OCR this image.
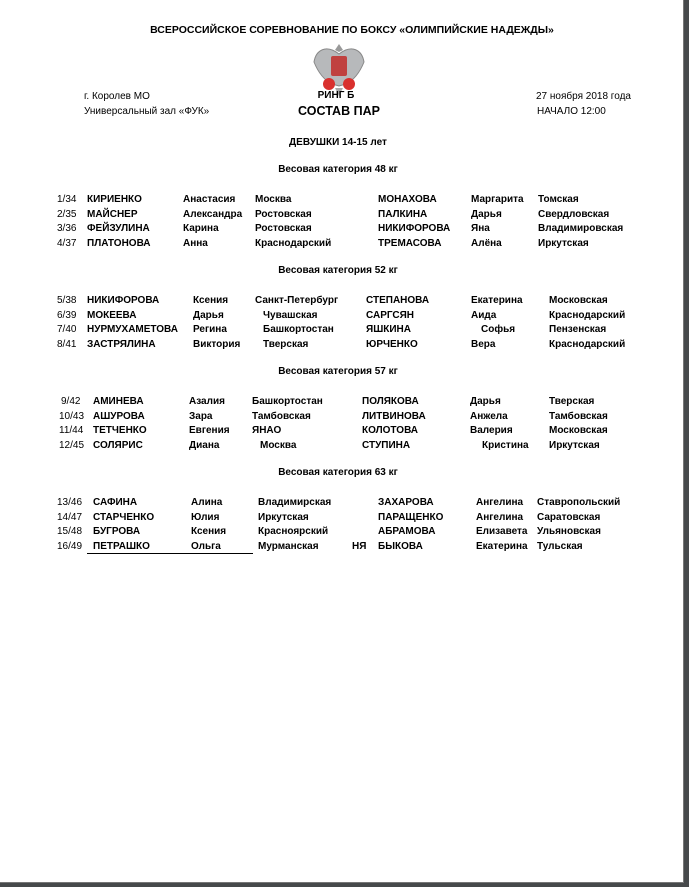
ВСЕРОССИЙСКОЕ СОРЕВНОВАНИЕ ПО БОКСУ «ОЛИМПИЙСКИЕ НАДЕЖДЫ»
г. Королев МО
Универсальный зал «ФУК»
РИНГ Б
СОСТАВ ПАР
27 ноября 2018 года
НАЧАЛО 12:00
ДЕВУШКИ 14-15 лет
Весовая категория 48 кг
1/34 КИРИЕНКО	Анастасия Москва	МОНАХОВА	Маргарита Томская
2/35 МАЙСНЕР	Александра Ростовская	ПАЛКИНА	Дарья	Свердловская
3/36 ФЕЙЗУЛИНА	Карина	Ростовская	НИКИФОРОВА Яна	Владимировская
4/37 ПЛАТОНОВА	Анна	Краснодарский	ТРЕМАСОВА	Алёна	Иркутская
Весовая категория 52 кг
5/38 НИКИФОРОВА	Ксения	Санкт-Петербург	СТЕПАНОВА	Екатерина	Московская
6/39 МОКЕЕВА	Дарья	Чувашская	САРГСЯН	Аида	Краснодарский
7/40 НУРМУХАМЕТОВА Регина	Башкортостан	ЯШКИНА	Софья	Пензенская
8/41 ЗАСТРЯЛИНА	Виктория Тверская	ЮРЧЕНКО	Вера	Краснодарский
Весовая категория 57 кг
9/42 АМИНЕВА	Азалия	Башкортостан	ПОЛЯКОВА	Дарья	Тверская
10/43 АШУРОВА	Зара	Тамбовская	ЛИТВИНОВА	Анжела	Тамбовская
11/44 ТЕТЧЕНКО	Евгения ЯНАО	КОЛОТОВА	Валерия	Московская
12/45 СОЛЯРИС	Диана	Москва	СТУПИНА	Кристина Иркутская
Весовая категория 63 кг
13/46 САФИНА	Алина	Владимирская	ЗАХАРОВА	Ангелина Ставропольский
14/47 СТАРЧЕНКО	Юлия	Иркутская	ПАРАЩЕНКО	Ангелина Саратовская
15/48 БУГРОВА	Ксения	Красноярский	АБРАМОВА	Елизавета Ульяновская
16/49 ПЕТРАШКО	Ольга	Мурманская	НЯ БЫКОВА	Екатерина Тульская
